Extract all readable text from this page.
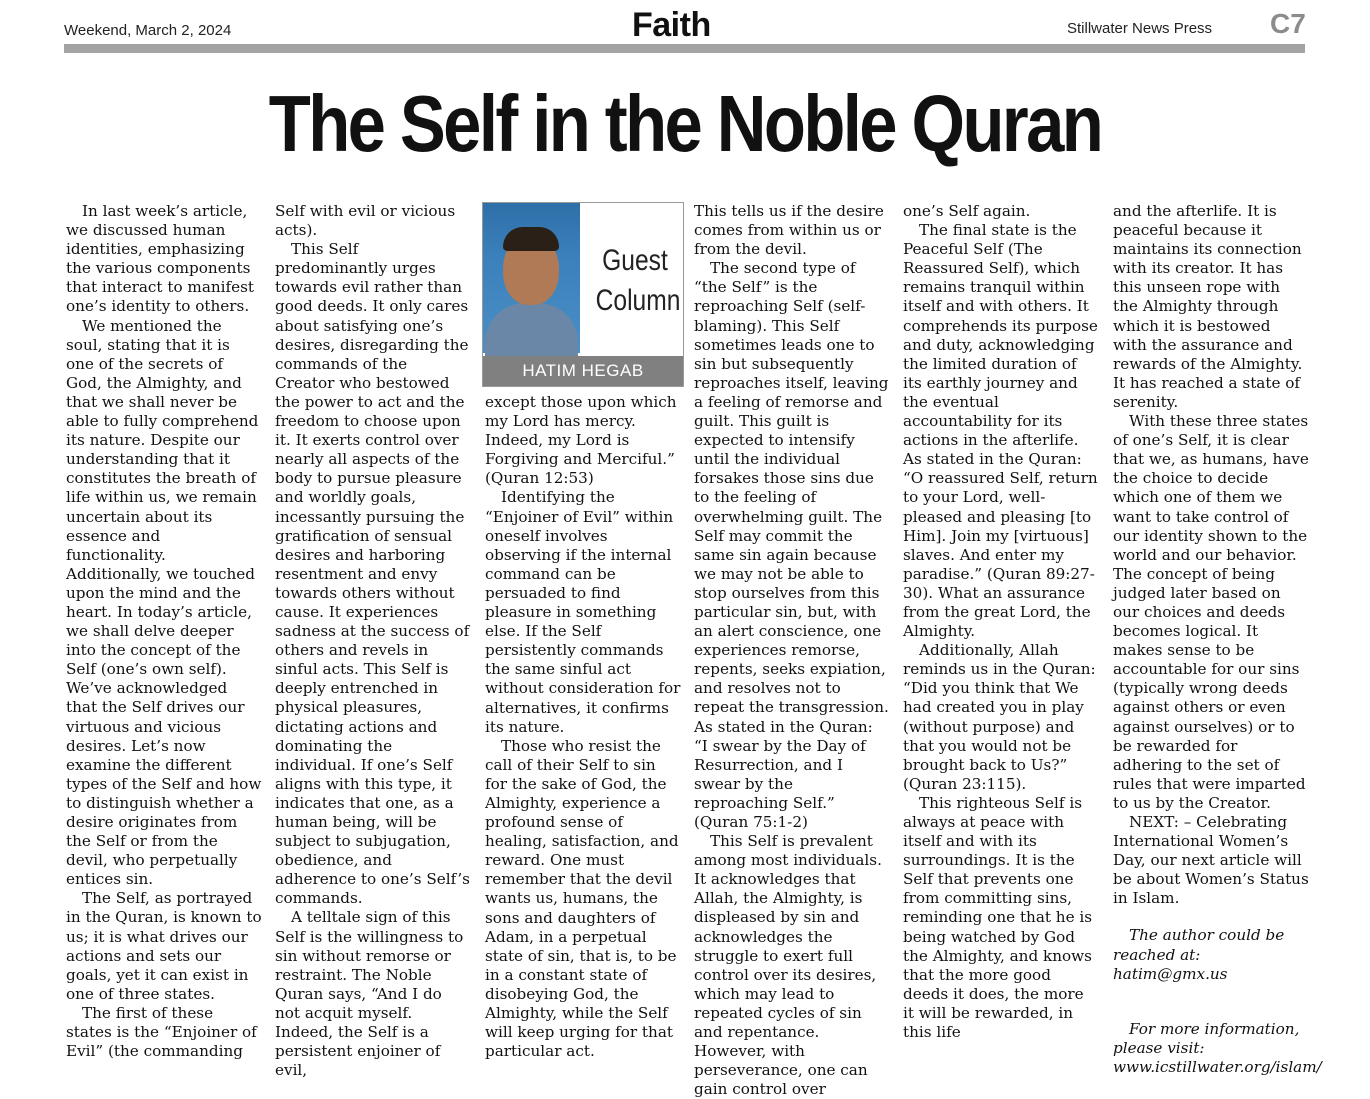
Weekend, March 2, 2024	Faith	Stillwater News Press C7
The Self in the Noble Quran

In last week’s article, we discussed human identities, emphasizing the various components that interact to manifest one’s identity to others.

We mentioned the soul, stating that it is one of the secrets of God, the Almighty, and that we shall never be able to fully comprehend its nature. Despite our understanding that it constitutes the breath of life within us, we remain uncertain about its essence and functionality. Additionally, we touched upon the mind and the heart. In today’s article, we shall delve deeper into the concept of the Self (one’s own self). We’ve acknowledged that the Self drives our virtuous and vicious desires. Let’s now examine the different types of the Self and how to distinguish whether a desire originates from the Self or from the devil, who perpetually entices sin.

The Self, as portrayed in the Quran, is known to us; it is what drives our actions and sets our goals, yet it can exist in one of three states.

The first of these states is the “Enjoiner of Evil” (the commanding

Self with evil or vicious acts).

This Self predominantly urges towards evil rather than good deeds. It only cares about satisfying one’s desires, disregarding the commands of the Creator who bestowed the power to act and the freedom to choose upon it. It exerts control over nearly all aspects of the body to pursue pleasure and worldly goals, incessantly pursuing the gratification of sensual desires and harboring resentment and envy towards others without cause. It experiences sadness at the success of others and revels in sinful acts. This Self is deeply entrenched in physical pleasures, dictating actions and dominating the individual. If one’s Self aligns with this type, it indicates that one, as a human being, will be subject to subjugation, obedience, and adherence to one’s Self’s commands.

A telltale sign of this Self is the willingness to sin without remorse or restraint. The Noble Quran says, “And I do not acquit myself. Indeed, the Self is a persistent enjoiner of evil,

Guest
Column
HATIM HEGAB

except those upon which my Lord has mercy. Indeed, my Lord is Forgiving and Merciful.” (Quran 12:53)

Identifying the “Enjoiner of Evil” within oneself involves observing if the internal command can be persuaded to find pleasure in something else. If the Self persistently commands the same sinful act without consideration for alternatives, it confirms its nature.

Those who resist the call of their Self to sin for the sake of God, the Almighty, experience a profound sense of healing, satisfaction, and reward. One must remember that the devil wants us, humans, the sons and daughters of Adam, in a perpetual state of sin, that is, to be in a constant state of disobeying God, the Almighty, while the Self will keep urging for that particular act.

This tells us if the desire comes from within us or from the devil.

The second type of “the Self” is the reproaching Self (self-blaming). This Self sometimes leads one to sin but subsequently reproaches itself, leaving a feeling of remorse and guilt. This guilt is expected to intensify until the individual forsakes those sins due to the feeling of overwhelming guilt. The Self may commit the same sin again because we may not be able to stop ourselves from this particular sin, but, with an alert conscience, one experiences remorse, repents, seeks expiation, and resolves not to repeat the transgression. As stated in the Quran: “I swear by the Day of Resurrection, and I swear by the reproaching Self.” (Quran 75:1-2)

This Self is prevalent among most individuals. It acknowledges that Allah, the Almighty, is displeased by sin and acknowledges the struggle to exert full control over its desires, which may lead to repeated cycles of sin and repentance. However, with perseverance, one can gain control over

one’s Self again.

The final state is the Peaceful Self (The Reassured Self), which remains tranquil within itself and with others. It comprehends its purpose and duty, acknowledging the limited duration of its earthly journey and the eventual accountability for its actions in the afterlife. As stated in the Quran: “O reassured Self, return to your Lord, well-pleased and pleasing [to Him]. Join my [virtuous] slaves. And enter my paradise.” (Quran 89:27-30). What an assurance from the great Lord, the Almighty.

Additionally, Allah reminds us in the Quran: “Did you think that We had created you in play (without purpose) and that you would not be brought back to Us?” (Quran 23:115).

This righteous Self is always at peace with itself and with its surroundings. It is the Self that prevents one from committing sins, reminding one that he is being watched by God the Almighty, and knows that the more good deeds it does, the more it will be rewarded, in this life

and the afterlife. It is peaceful because it maintains its connection with its creator. It has this unseen rope with the Almighty through which it is bestowed with the assurance and rewards of the Almighty. It has reached a state of serenity.

With these three states of one’s Self, it is clear that we, as humans, have the choice to decide which one of them we want to take control of our identity shown to the world and our behavior. The concept of being judged later based on our choices and deeds becomes logical. It makes sense to be accountable for our sins (typically wrong deeds against others or even against ourselves) or to be rewarded for adhering to the set of rules that were imparted to us by the Creator.

NEXT: – Celebrating International Women’s Day, our next article will be about Women’s Status in Islam.

The author could be reached at: hatim@gmx.us

For more information, please visit: www.icstillwater.org/islam/
